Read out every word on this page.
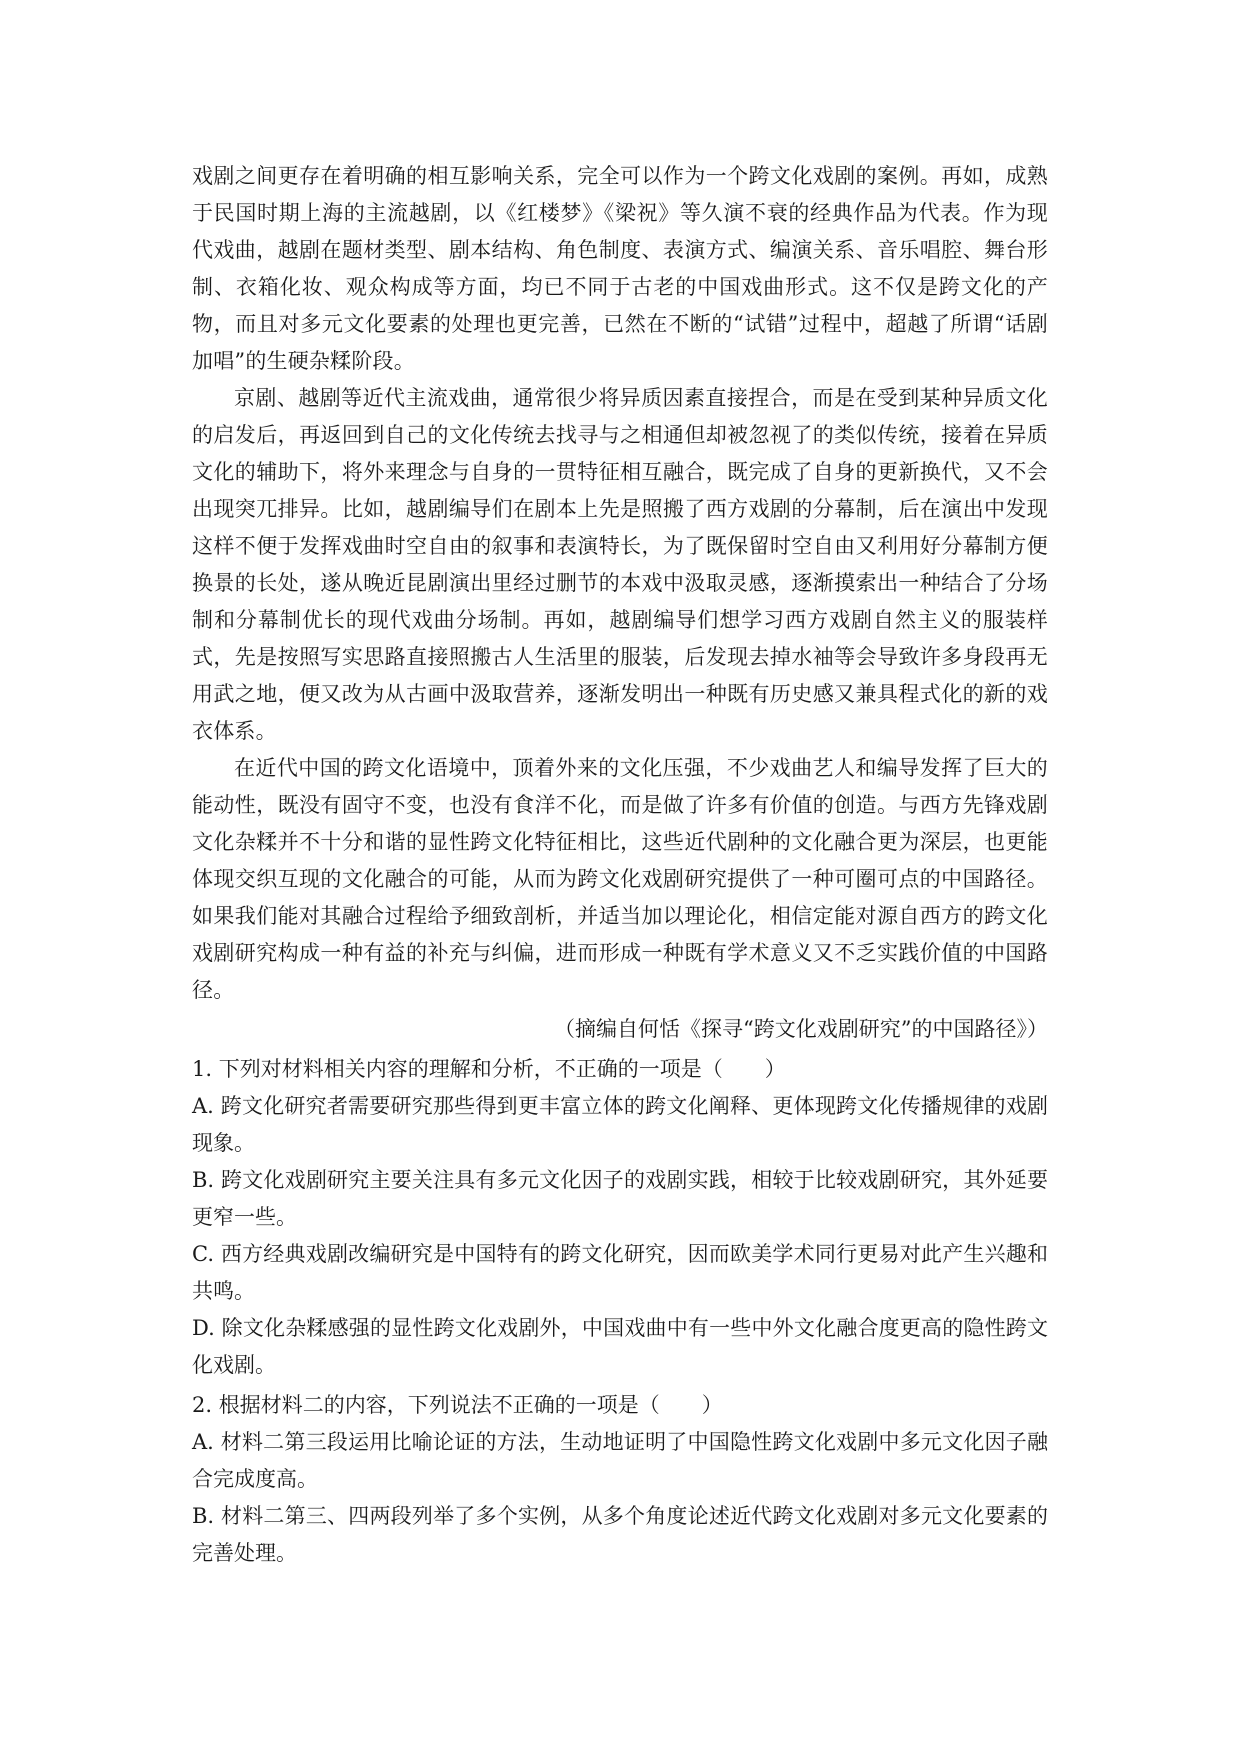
戏剧之间更存在着明确的相互影响关系，完全可以作为一个跨文化戏剧的案例。再如，成熟于民国时期上海的主流越剧，以《红楼梦》《梁祝》等久演不衰的经典作品为代表。作为现代戏曲，越剧在题材类型、剧本结构、角色制度、表演方式、编演关系、音乐唱腔、舞台形制、衣箱化妆、观众构成等方面，均已不同于古老的中国戏曲形式。这不仅是跨文化的产物，而且对多元文化要素的处理也更完善，已然在不断的“试错”过程中，超越了所谓“话剧加唱”的生硬杂糅阶段。

京剧、越剧等近代主流戏曲，通常很少将异质因素直接捏合，而是在受到某种异质文化的启发后，再返回到自己的文化传统去找寻与之相通但却被忽视了的类似传统，接着在异质文化的辅助下，将外来理念与自身的一贯特征相互融合，既完成了自身的更新换代，又不会出现突兀排异。比如，越剧编导们在剧本上先是照搬了西方戏剧的分幕制，后在演出中发现这样不便于发挥戏曲时空自由的叙事和表演特长，为了既保留时空自由又利用好分幕制方便换景的长处，遂从晚近昆剧演出里经过删节的本戏中汲取灵感，逐渐摸索出一种结合了分场制和分幕制优长的现代戏曲分场制。再如，越剧编导们想学习西方戏剧自然主义的服装样式，先是按照写实思路直接照搬古人生活里的服装，后发现去掉水袖等会导致许多身段再无用武之地，便又改为从古画中汲取营养，逐渐发明出一种既有历史感又兼具程式化的新的戏衣体系。

在近代中国的跨文化语境中，顶着外来的文化压强，不少戏曲艺人和编导发挥了巨大的能动性，既没有固守不变，也没有食洋不化，而是做了许多有价值的创造。与西方先锋戏剧文化杂糅并不十分和谐的显性跨文化特征相比，这些近代剧种的文化融合更为深层，也更能体现交织互现的文化融合的可能，从而为跨文化戏剧研究提供了一种可圈可点的中国路径。如果我们能对其融合过程给予细致剖析，并适当加以理论化，相信定能对源自西方的跨文化戏剧研究构成一种有益的补充与纠偏，进而形成一种既有学术意义又不乏实践价值的中国路径。

（摘编自何恬《探寻“跨文化戏剧研究”的中国路径》）

1. 下列对材料相关内容的理解和分析，不正确的一项是（　　）

A. 跨文化研究者需要研究那些得到更丰富立体的跨文化阐释、更体现跨文化传播规律的戏剧现象。

B. 跨文化戏剧研究主要关注具有多元文化因子的戏剧实践，相较于比较戏剧研究，其外延要更窄一些。

C. 西方经典戏剧改编研究是中国特有的跨文化研究，因而欧美学术同行更易对此产生兴趣和共鸣。

D. 除文化杂糅感强的显性跨文化戏剧外，中国戏曲中有一些中外文化融合度更高的隐性跨文化戏剧。

2. 根据材料二的内容，下列说法不正确的一项是（　　）

A. 材料二第三段运用比喻论证的方法，生动地证明了中国隐性跨文化戏剧中多元文化因子融合完成度高。

B. 材料二第三、四两段列举了多个实例，从多个角度论述近代跨文化戏剧对多元文化要素的完善处理。
